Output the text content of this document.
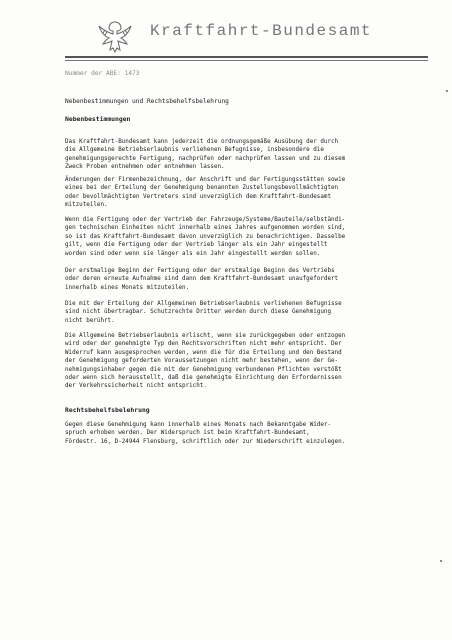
Kraftfahrt-Bundesamt
Nummer der ABE: 1473
Nebenbestimmungen und Rechtsbehelfsbelehrung
Nebenbestimmungen
Das Kraftfahrt-Bundesamt kann jederzeit die ordnungsgemäße Ausübung der durch
die Allgemeine Betriebserlaubnis verliehenen Befugnisse, insbesondere die
genehmigungsgerechte Fertigung, nachprüfen oder nachprüfen lassen und zu diesem
Zweck Proben entnehmen oder entnehmen lassen.
Änderungen der Firmenbezeichnung, der Anschrift und der Fertigungsstätten sowie
eines bei der Erteilung der Genehmigung benannten Zustellungsbevollmächtigten
oder bevollmächtigten Vertreters sind unverzüglich dem Kraftfahrt-Bundesamt
mitzuteilen.
Wenn die Fertigung oder der Vertrieb der Fahrzeuge/Systeme/Bauteile/selbständi-
gen technischen Einheiten nicht innerhalb eines Jahres aufgenommen worden sind,
so ist das Kraftfahrt-Bundesamt davon unverzüglich zu benachrichtigen. Dasselbe
gilt, wenn die Fertigung oder der Vertrieb länger als ein Jahr eingestellt
worden sind oder wenn sie länger als ein Jahr eingestellt werden sollen.
Der erstmalige Beginn der Fertigung oder der erstmalige Beginn des Vertriebs
oder deren erneute Aufnahme sind dann dem Kraftfahrt-Bundesamt unaufgefordert
innerhalb eines Monats mitzuteilen.
Die mit der Erteilung der Allgemeinen Betriebserlaubnis verliehenen Befugnisse
sind nicht übertragbar. Schutzrechte Dritter werden durch diese Genehmigung
nicht berührt.
Die Allgemeine Betriebserlaubnis erlischt, wenn sie zurückgegeben oder entzogen
wird oder der genehmigte Typ den Rechtsvorschriften nicht mehr entspricht. Der
Widerruf kann ausgesprochen werden, wenn die für die Erteilung und den Bestand
der Genehmigung geforderten Voraussetzungen nicht mehr bestehen, wenn der Ge-
nehmigungsinhaber gegen die mit der Genehmigung verbundenen Pflichten verstößt
oder wenn sich herausstellt, daß die genehmigte Einrichtung den Erfordernissen
der Verkehrssicherheit nicht entspricht.
Rechtsbehelfsbelehrung
Gegen diese Genehmigung kann innerhalb eines Monats nach Bekanntgabe Wider-
spruch erhoben werden. Der Widerspruch ist beim Kraftfahrt-Bundesamt,
Fördestr. 16, D-24944 Flensburg, schriftlich oder zur Niederschrift einzulegen.
